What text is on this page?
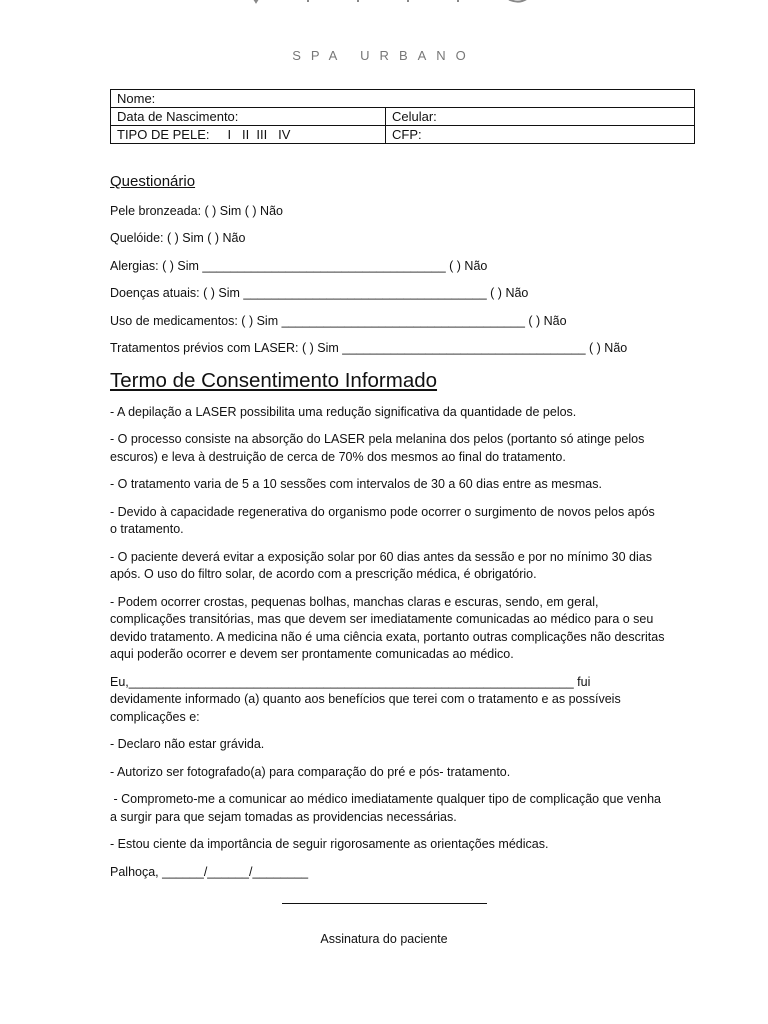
SPA URBANO
Nome:	
Data de Nascimento:	Celular:
TIPO DE PELE:     I   II  III   IV	CFP:
Questionário
Pele bronzeada: ( ) Sim ( ) Não
Quelóide: ( ) Sim ( ) Não
Alergias: ( ) Sim ___________________________________ ( ) Não
Doenças atuais: ( ) Sim ___________________________________ ( ) Não
Uso de medicamentos: ( ) Sim ___________________________________ ( ) Não
Tratamentos prévios com LASER: ( ) Sim ___________________________________ ( ) Não
Termo de Consentimento Informado
- A depilação a LASER possibilita uma redução significativa da quantidade de pelos.
- O processo consiste na absorção do LASER pela melanina dos pelos (portanto só atinge pelos escuros) e leva à destruição de cerca de 70% dos mesmos ao final do tratamento.
- O tratamento varia de 5 a 10 sessões com intervalos de 30 a 60 dias entre as mesmas.
- Devido à capacidade regenerativa do organismo pode ocorrer o surgimento de novos pelos após o tratamento.
- O paciente deverá evitar a exposição solar por 60 dias antes da sessão e por no mínimo 30 dias após. O uso do filtro solar, de acordo com a prescrição médica, é obrigatório.
- Podem ocorrer crostas, pequenas bolhas, manchas claras e escuras, sendo, em geral, complicações transitórias, mas que devem ser imediatamente comunicadas ao médico para o seu devido tratamento. A medicina não é uma ciência exata, portanto outras complicações não descritas aqui poderão ocorrer e devem ser prontamente comunicadas ao médico.
Eu,________________________________________________________________ fui devidamente informado (a) quanto aos benefícios que terei com o tratamento e as possíveis complicações e:
- Declaro não estar grávida.
- Autorizo ser fotografado(a) para comparação do pré e pós- tratamento.
- Comprometo-me a comunicar ao médico imediatamente qualquer tipo de complicação que venha a surgir para que sejam tomadas as providencias necessárias.
- Estou ciente da importância de seguir rigorosamente as orientações médicas.
Palhoça, ______/______/________
Assinatura do paciente
